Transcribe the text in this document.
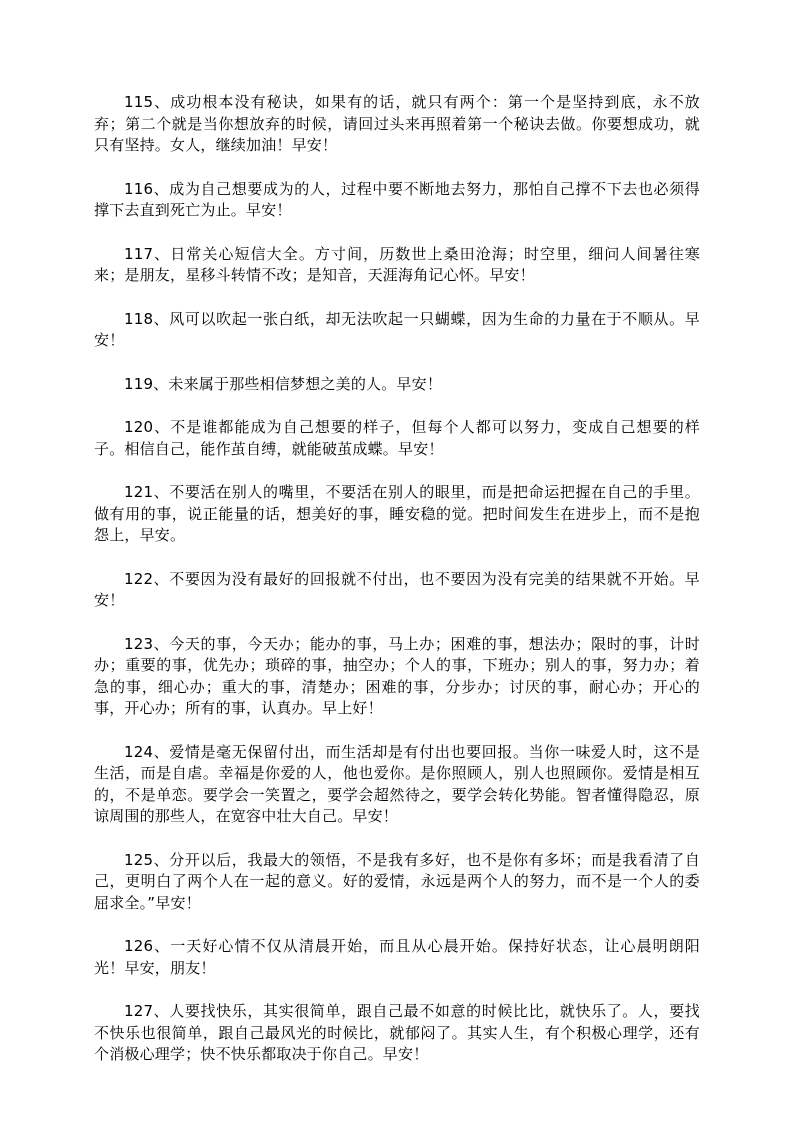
115、成功根本没有秘诀，如果有的话，就只有两个：第一个是坚持到底，永不放弃；第二个就是当你想放弃的时候，请回过头来再照着第一个秘诀去做。你要想成功，就只有坚持。女人，继续加油！早安！

116、成为自己想要成为的人，过程中要不断地去努力，那怕自己撑不下去也必须得撑下去直到死亡为止。早安！

117、日常关心短信大全。方寸间，历数世上桑田沧海；时空里，细问人间暑往寒来；是朋友，星移斗转情不改；是知音，天涯海角记心怀。早安！

118、风可以吹起一张白纸，却无法吹起一只蝴蝶，因为生命的力量在于不顺从。早安！

119、未来属于那些相信梦想之美的人。早安！

120、不是谁都能成为自己想要的样子，但每个人都可以努力，变成自己想要的样子。相信自己，能作茧自缚，就能破茧成蝶。早安！

121、不要活在别人的嘴里，不要活在别人的眼里，而是把命运把握在自己的手里。做有用的事，说正能量的话，想美好的事，睡安稳的觉。把时间发生在进步上，而不是抱怨上，早安。

122、不要因为没有最好的回报就不付出，也不要因为没有完美的结果就不开始。早安！

123、今天的事，今天办；能办的事，马上办；困难的事，想法办；限时的事，计时办；重要的事，优先办；琐碎的事，抽空办；个人的事，下班办；别人的事，努力办；着急的事，细心办；重大的事，清楚办；困难的事，分步办；讨厌的事，耐心办；开心的事，开心办；所有的事，认真办。早上好！

124、爱情是毫无保留付出，而生活却是有付出也要回报。当你一味爱人时，这不是生活，而是自虐。幸福是你爱的人，他也爱你。是你照顾人，别人也照顾你。爱情是相互的，不是单恋。要学会一笑置之，要学会超然待之，要学会转化势能。智者懂得隐忍，原谅周围的那些人，在宽容中壮大自己。早安！

125、分开以后，我最大的领悟，不是我有多好，也不是你有多坏；而是我看清了自己，更明白了两个人在一起的意义。好的爱情，永远是两个人的努力，而不是一个人的委屈求全。”早安！

126、一天好心情不仅从清晨开始，而且从心晨开始。保持好状态，让心晨明朗阳光！早安，朋友！

127、人要找快乐，其实很简单，跟自己最不如意的时候比比，就快乐了。人，要找不快乐也很简单，跟自己最风光的时候比，就郁闷了。其实人生，有个积极心理学，还有个消极心理学；快不快乐都取决于你自己。早安！
